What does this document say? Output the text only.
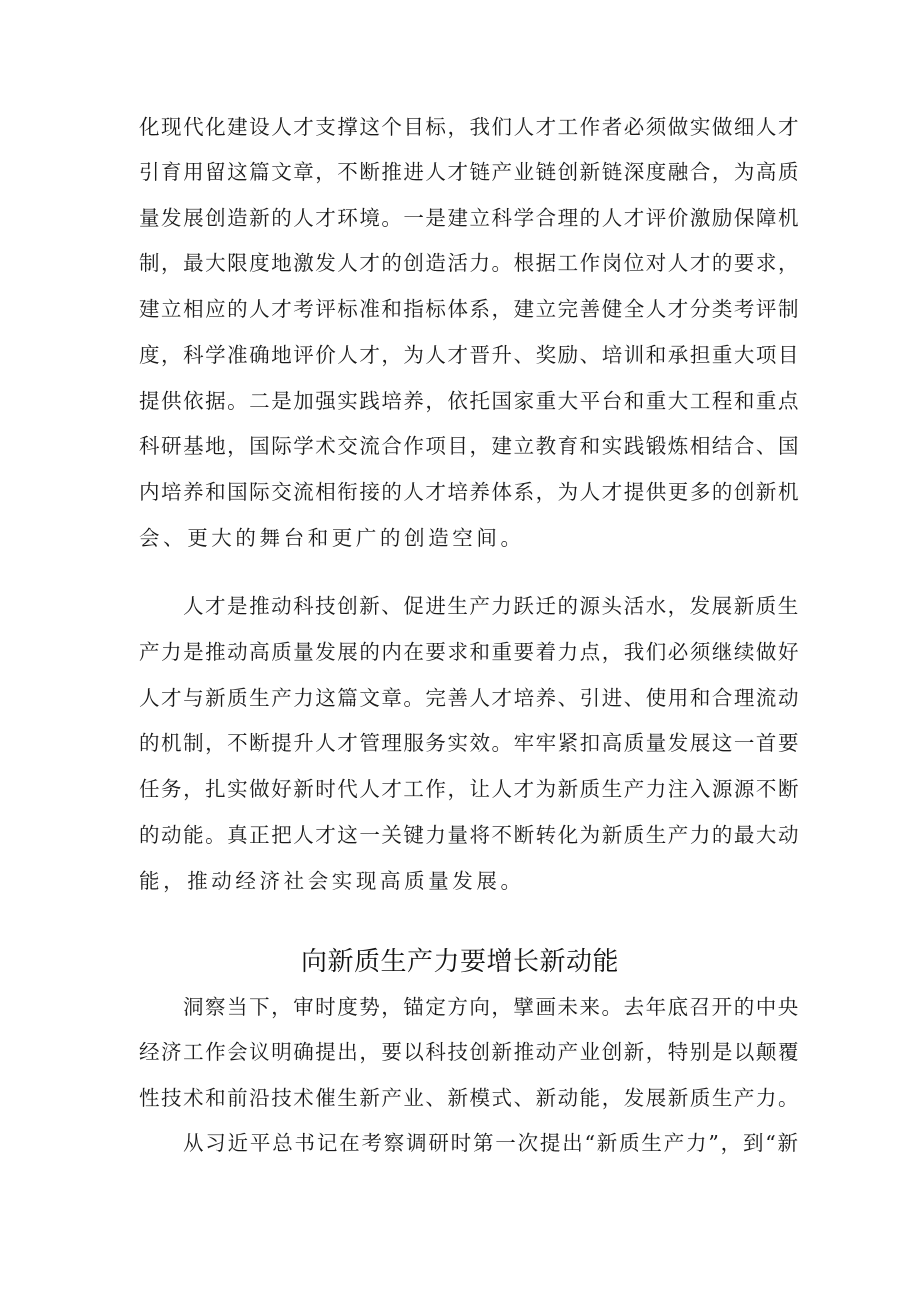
化现代化建设人才支撑这个目标，我们人才工作者必须做实做细人才
引育用留这篇文章，不断推进人才链产业链创新链深度融合，为高质
量发展创造新的人才环境。一是建立科学合理的人才评价激励保障机
制，最大限度地激发人才的创造活力。根据工作岗位对人才的要求，
建立相应的人才考评标准和指标体系，建立完善健全人才分类考评制
度，科学准确地评价人才，为人才晋升、奖励、培训和承担重大项目
提供依据。二是加强实践培养，依托国家重大平台和重大工程和重点
科研基地，国际学术交流合作项目，建立教育和实践锻炼相结合、国
内培养和国际交流相衔接的人才培养体系，为人才提供更多的创新机
会、更大的舞台和更广的创造空间。
人才是推动科技创新、促进生产力跃迁的源头活水，发展新质生
产力是推动高质量发展的内在要求和重要着力点，我们必须继续做好
人才与新质生产力这篇文章。完善人才培养、引进、使用和合理流动
的机制，不断提升人才管理服务实效。牢牢紧扣高质量发展这一首要
任务，扎实做好新时代人才工作，让人才为新质生产力注入源源不断
的动能。真正把人才这一关键力量将不断转化为新质生产力的最大动
能，推动经济社会实现高质量发展。
向新质生产力要增长新动能
洞察当下，审时度势，锚定方向，擘画未来。去年底召开的中央
经济工作会议明确提出，要以科技创新推动产业创新，特别是以颠覆
性技术和前沿技术催生新产业、新模式、新动能，发展新质生产力。
从习近平总书记在考察调研时第一次提出“新质生产力”，到“新
